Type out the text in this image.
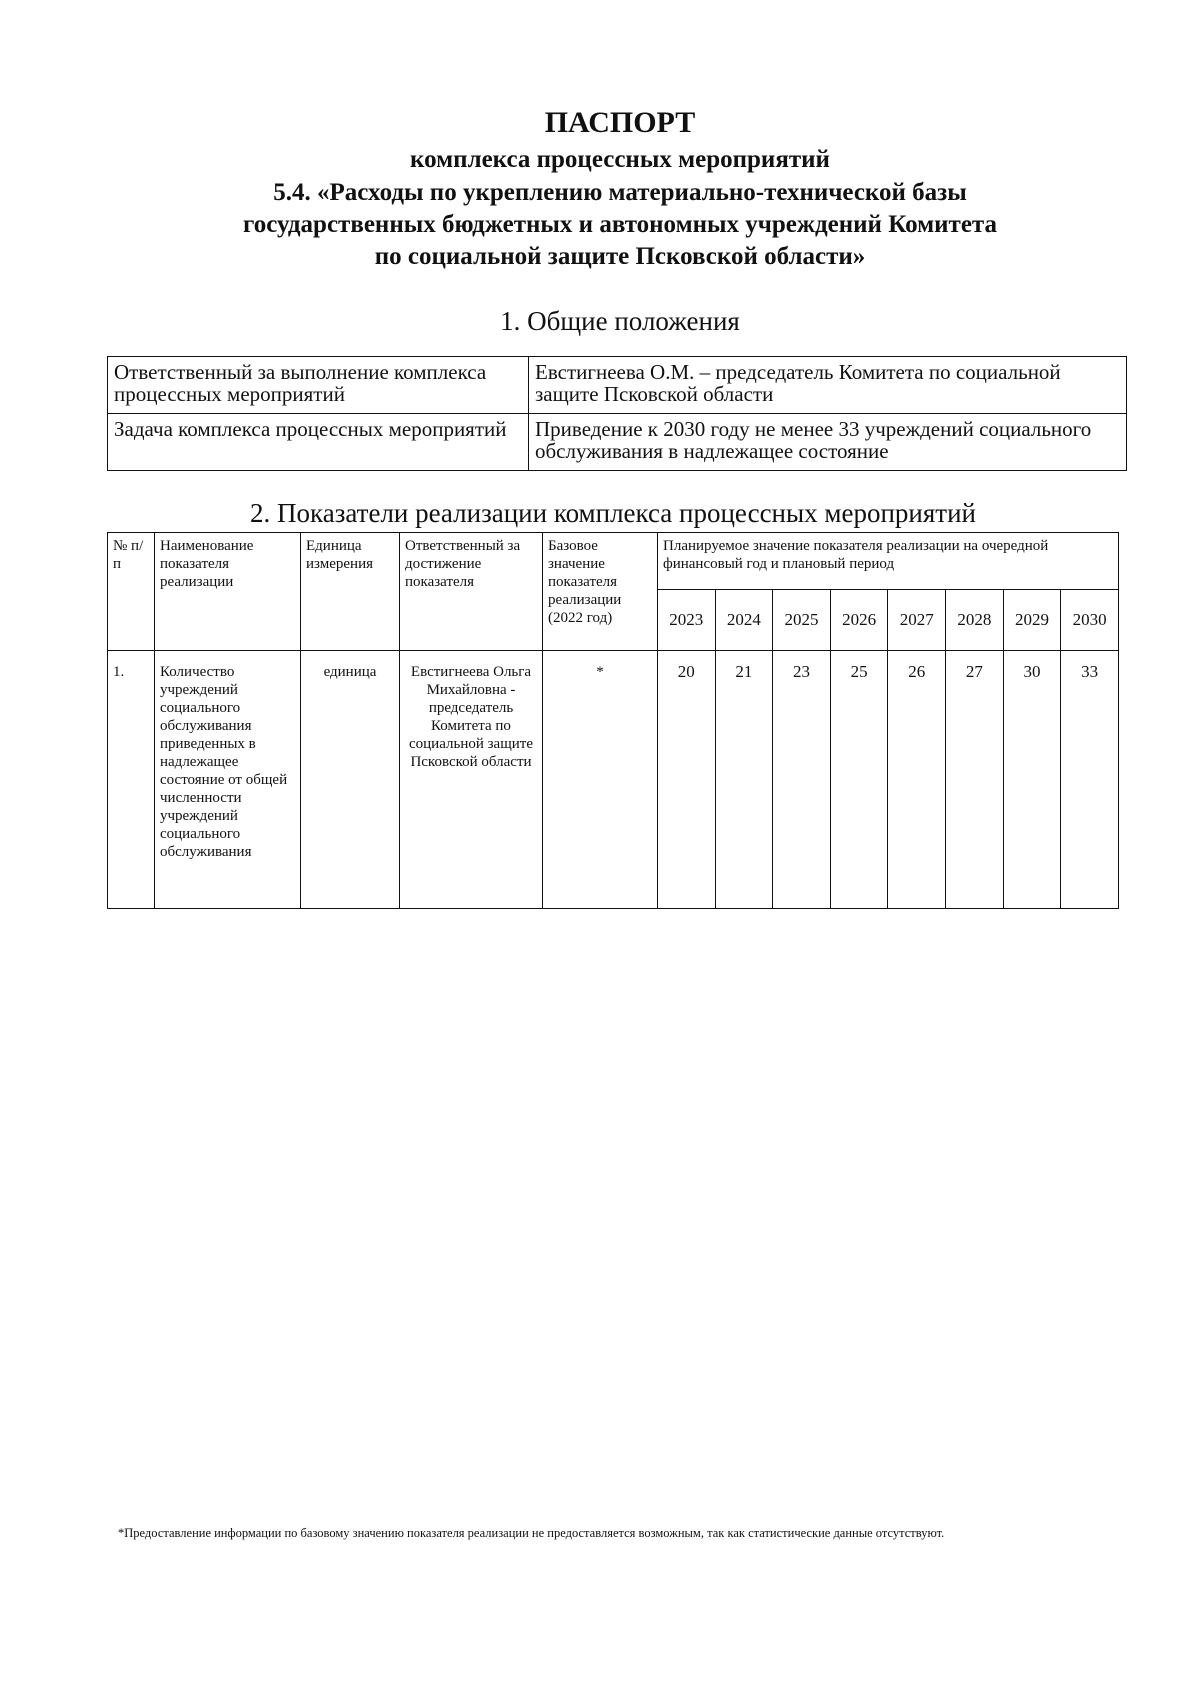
ПАСПОРТ
комплекса процессных мероприятий
5.4. «Расходы по укреплению материально-технической базы
государственных бюджетных и автономных учреждений Комитета
по социальной защите Псковской области»
1. Общие положения
Ответственный за выполнение комплекса процессных мероприятий	Евстигнеева О.М. – председатель Комитета по социальной защите Псковской области
Задача комплекса процессных мероприятий	Приведение к 2030 году не менее 33 учреждений социального обслуживания в надлежащее состояние
2. Показатели реализации комплекса процессных мероприятий
№ п/п	Наименование показателя реализации	Единица измерения	Ответственный за достижение показателя	Базовое значение показателя реализации (2022 год)	Планируемое значение показателя реализации на очередной финансовый год и плановый период							
					2023	2024	2025	2026	2027	2028	2029	2030
1.	Количество учреждений социального обслуживания приведенных в надлежащее состояние от общей численности учреждений социального обслуживания	единица	Евстигнеева Ольга Михайловна - председатель Комитета по социальной защите Псковской области	*	20	21	23	25	26	27	30	33

*Предоставление информации по базовому значению показателя реализации не предоставляется возможным, так как статистические данные отсутствуют.
